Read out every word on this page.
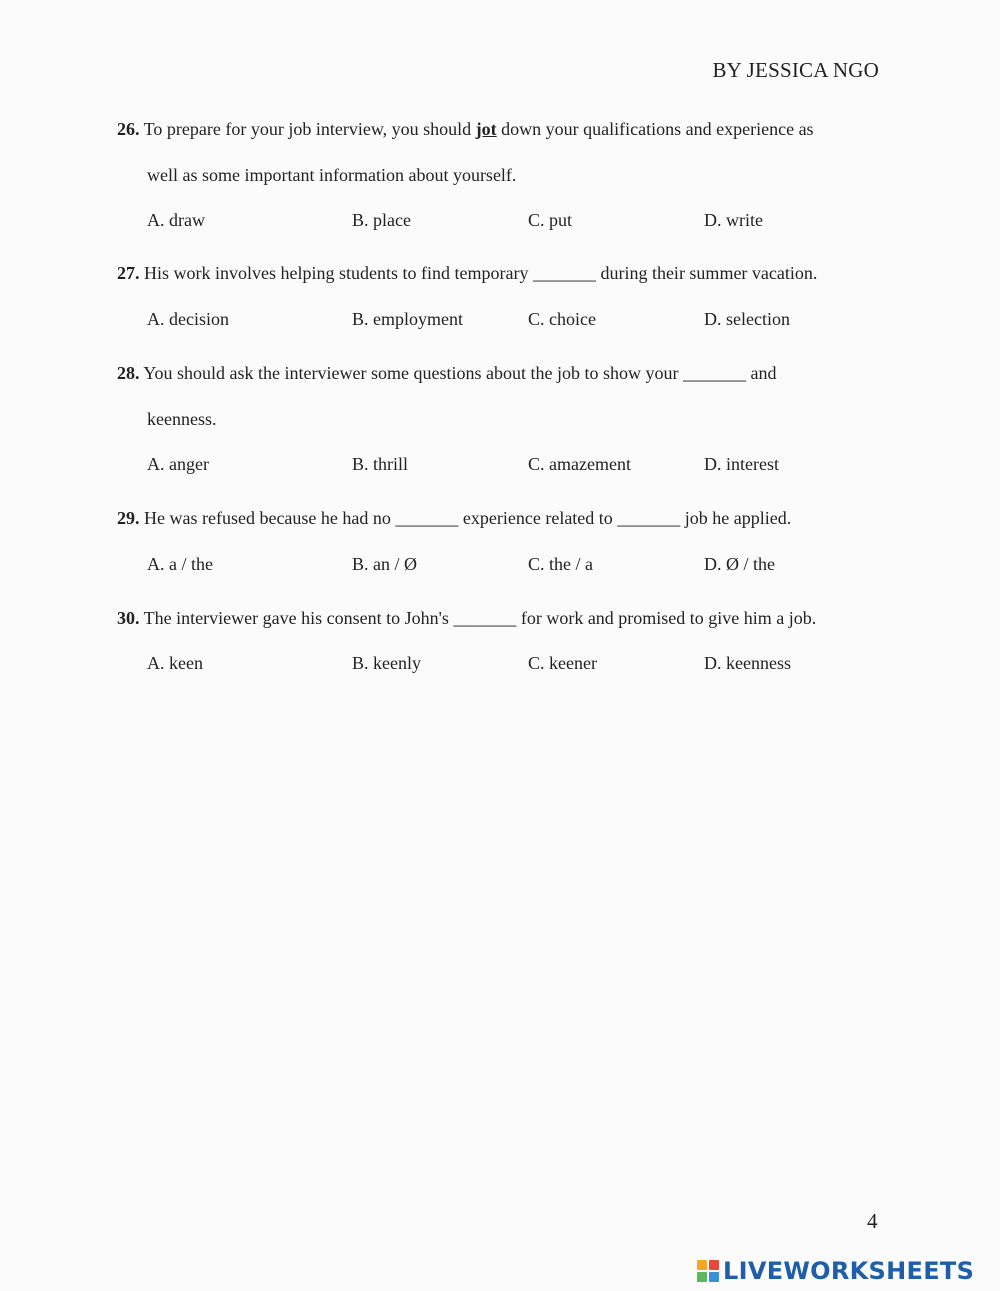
BY JESSICA NGO
26. To prepare for your job interview, you should jot down your qualifications and experience as
well as some important information about yourself.
A. draw	B. place	C. put	D. write
27. His work involves helping students to find temporary _______ during their summer vacation.
A. decision	B. employment	C. choice	D. selection
28. You should ask the interviewer some questions about the job to show your _______ and
keenness.
A. anger	B. thrill	C. amazement	D. interest
29. He was refused because he had no _______ experience related to _______ job he applied.
A. a / the	B. an / Ø	C. the / a	D. Ø / the
30. The interviewer gave his consent to John's _______ for work and promised to give him a job.
A. keen	B. keenly	C. keener	D. keenness
4
LIVEWORKSHEETS
